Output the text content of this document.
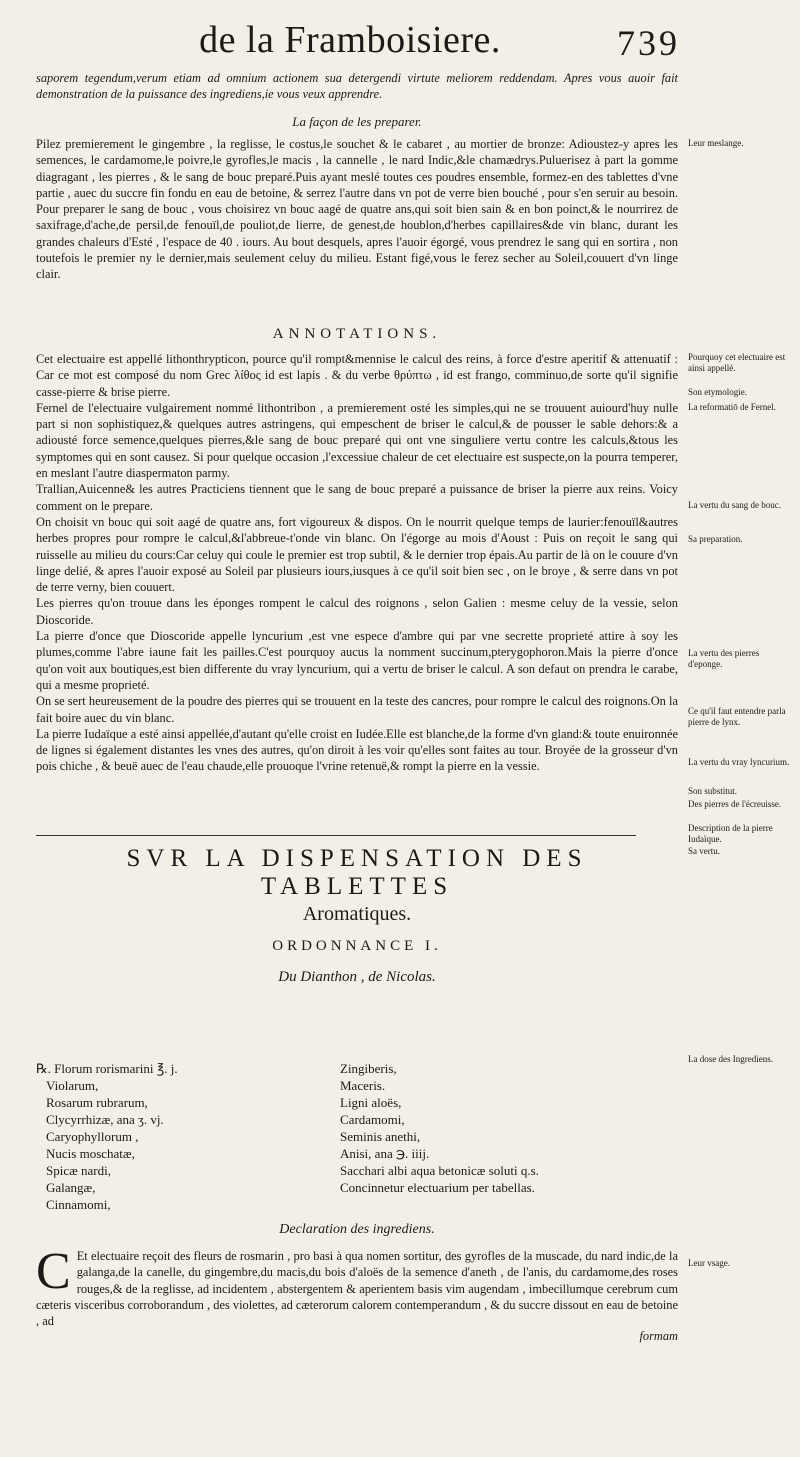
de la Framboisiere.	739

saporem tegendum,verum etiam ad omnium actionem sua detergendi virtute meliorem reddendam. Apres vous auoir fait demonstration de la puissance des ingrediens,ie vous veux apprendre.

La façon de les preparer.

Pilez premierement le gingembre , la reglisse, le costus,le souchet & le cabaret , au mortier de bronze: Adioustez-y apres les semences, le cardamome,le poivre,le gyrofles,le macis , la cannelle , le nard Indic,&le chamædrys.Puluerisez à part la gomme diagragant , les pierres , & le sang de bouc preparé.Puis ayant meslé toutes ces poudres ensemble, formez-en des tablettes d'vne partie , auec du succre fin fondu en eau de betoine, & serrez l'autre dans vn pot de verre bien bouché , pour s'en seruir au besoin. Pour preparer le sang de bouc , vous choisirez vn bouc aagé de quatre ans,qui soit bien sain & en bon poinct,& le nourrirez de saxifrage,d'ache,de persil,de fenouïl,de pouliot,de lierre, de genest,de houblon,d'herbes capillaires&de vin blanc, durant les grandes chaleurs d'Esté , l'espace de 40 . iours. Au bout desquels, apres l'auoir égorgé, vous prendrez le sang qui en sortira , non toutefois le premier ny le dernier,mais seulement celuy du milieu. Estant figé,vous le ferez secher au Soleil,couuert d'vn linge clair.

ANNOTATIONS.

Cet electuaire est appellé lithonthrypticon, pource qu'il rompt&mennise le calcul des reins, à force d'estre aperitif & attenuatif : Car ce mot est composé du nom Grec λίθος id est lapis . & du verbe θρύπτω , id est frango, comminuo,de sorte qu'il signifie casse-pierre & brise pierre.

Fernel de l'electuaire vulgairement nommé lithontribon , a premierement osté les simples,qui ne se trouuent auiourd'huy nulle part si non sophistiquez,& quelques autres astringens, qui empeschent de briser le calcul,& de pousser le sable dehors:& a adiousté force semence,quelques pierres,&le sang de bouc preparé qui ont vne singuliere vertu contre les calculs,&tous les symptomes qui en sont causez. Si pour quelque occasion ,l'excessiue chaleur de cet electuaire est suspecte,on la pourra temperer, en meslant l'autre diaspermaton parmy.

Trallian,Auicenne& les autres Practiciens tiennent que le sang de bouc preparé a puissance de briser la pierre aux reins. Voicy comment on le prepare.

On choisit vn bouc qui soit aagé de quatre ans, fort vigoureux & dispos. On le nourrit quelque temps de laurier:fenouïl&autres herbes propres pour rompre le calcul,&l'abbreue-t'onde vin blanc. On l'égorge au mois d'Aoust : Puis on reçoit le sang qui ruisselle au milieu du cours:Car celuy qui coule le premier est trop subtil, & le dernier trop épais.Au partir de là on le couure d'vn linge delié, & apres l'auoir exposé au Soleil par plusieurs iours,iusques à ce qu'il soit bien sec , on le broye , & serre dans vn pot de terre verny, bien couuert.

Les pierres qu'on trouue dans les éponges rompent le calcul des roignons , selon Galien : mesme celuy de la vessie, selon Dioscoride.

La pierre d'once que Dioscoride appelle lyncurium ,est vne espece d'ambre qui par vne secrette proprieté attire à soy les plumes,comme l'abre iaune fait les pailles.C'est pourquoy aucus la nomment succinum,pterygophoron.Mais la pierre d'once qu'on voit aux boutiques,est bien differente du vray lyncurium, qui a vertu de briser le calcul. A son defaut on prendra le carabe, qui a mesme proprieté.

On se sert heureusement de la poudre des pierres qui se trouuent en la teste des cancres, pour rompre le calcul des roignons.On la fait boire auec du vin blanc.

La pierre Iudaïque a esté ainsi appellée,d'autant qu'elle croist en Iudée.Elle est blanche,de la forme d'vn gland:& toute enuironnée de lignes si également distantes les vnes des autres, qu'on diroit à les voir qu'elles sont faites au tour. Broyée de la grosseur d'vn pois chiche , & beuë auec de l'eau chaude,elle prouoque l'vrine retenuë,& rompt la pierre en la vessie.

SVR LA DISPENSATION DES TABLETTES
Aromatiques.
ORDONNANCE I.
Du Dianthon , de Nicolas.
℞. Florum rorismarini ℥. j.
Violarum,
Rosarum rubrarum,
Clycyrrhizæ, ana ʒ. vj.
Caryophyllorum ,
Nucis moschatæ,
Spicæ nardi,
Galangæ,
Cinnamomi,
Zingiberis,
Maceris.
Ligni aloës,
Cardamomi,
Seminis anethi,
Anisi, ana ℈. iiij.
Sacchari albi aqua betonicæ soluti q.s.
Concinnetur electuarium per tabellas.
Declaration des ingrediens.
C Et electuaire reçoit des fleurs de rosmarin , pro basi à qua nomen sortitur, des gyrofles de la muscade, du nard indic,de la galanga,de la canelle, du gingembre,du macis,du bois d'aloës de la semence d'aneth , de l'anis, du cardamome,des roses rouges,& de la reglisse, ad incidentem , abstergentem & aperientem basis vim augendam , imbecillumque cerebrum cum cæteris visceribus corroborandum , des violettes, ad cæterorum calorem contemperandum , & du succre dissout en eau de betoine , ad

formam
Leur meslange.
Pourquoy cet electuaire est ainsi appellé.
Son etymologie.
La reformatiō de Fernel.
La vertu du sang de bouc.
Sa preparation.
La vertu des pierres d'eponge.
Ce qu'il faut entendre parla pierre de lynx.
La vertu du vray lyncurium.
Son substitut.
Des pierres de l'écreuisse.
Description de la pierre Iudaïque.
Sa vertu.
La dose des Ingrediens.
Leur vsage.
